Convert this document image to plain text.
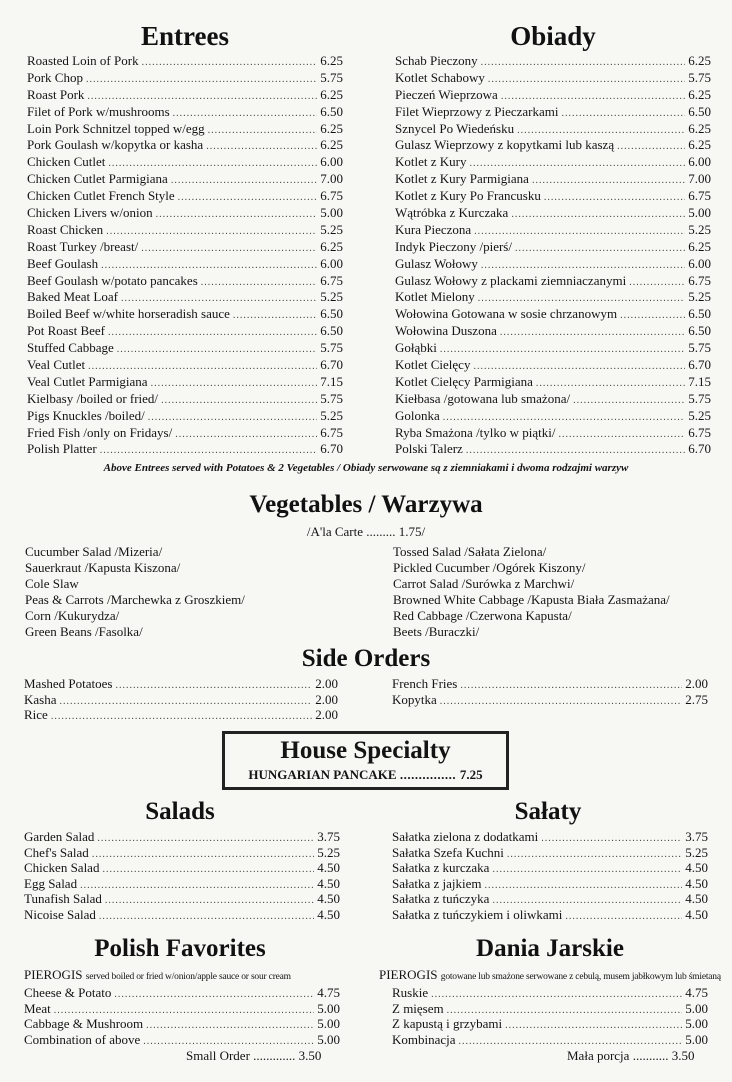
Entrees
Roasted Loin of Pork .....	6.25
Pork Chop .....	5.75
Roast Pork .....	6.25
Filet of Pork w/mushrooms .....	6.50
Loin Pork Schnitzel topped w/egg .....	6.25
Pork Goulash w/kopytka or kasha .....	6.25
Chicken Cutlet .....	6.00
Chicken Cutlet Parmigiana .....	7.00
Chicken Cutlet French Style .....	6.75
Chicken Livers w/onion .....	5.00
Roast Chicken .....	5.25
Roast Turkey /breast/ .....	6.25
Beef Goulash .....	6.00
Beef Goulash w/potato pancakes .....	6.75
Baked Meat Loaf .....	5.25
Boiled Beef w/white horseradish sauce .....	6.50
Pot Roast Beef .....	6.50
Stuffed Cabbage .....	5.75
Veal Cutlet .....	6.70
Veal Cutlet Parmigiana .....	7.15
Kielbasy /boiled or fried/ .....	5.75
Pigs Knuckles /boiled/ .....	5.25
Fried Fish /only on Fridays/ .....	6.75
Polish Platter .....	6.70
Obiady
Schab Pieczony .....	6.25
Kotlet Schabowy .....	5.75
Pieczeń Wieprzowa .....	6.25
Filet Wieprzowy z Pieczarkami .....	6.50
Sznycel Po Wiedeńsku .....	6.25
Gulasz Wieprzowy z kopytkami lub kaszą .....	6.25
Kotlet z Kury .....	6.00
Kotlet z Kury Parmigiana .....	7.00
Kotlet z Kury Po Francusku .....	6.75
Wątróbka z Kurczaka .....	5.00
Kura Pieczona .....	5.25
Indyk Pieczony /pierś/ .....	6.25
Gulasz Wołowy .....	6.00
Gulasz Wołowy z plackami ziemniaczanymi .....	6.75
Kotlet Mielony .....	5.25
Wołowina Gotowana w sosie chrzanowym .....	6.50
Wołowina Duszona .....	6.50
Gołąbki .....	5.75
Kotlet Cielęcy .....	6.70
Kotlet Cielęcy Parmigiana .....	7.15
Kiełbasa /gotowana lub smażona/ .....	5.75
Golonka .....	5.25
Ryba Smażona /tylko w piątki/ .....	6.75
Polski Talerz .....	6.70
Above Entrees served with Potatoes & 2 Vegetables / Obiady serwowane są z ziemniakami i dwoma rodzajmi warzyw
Vegetables / Warzywa
/A'la Carte ......... 1.75/
Cucumber Salad /Mizeria/
Sauerkraut /Kapusta Kiszona/
Cole Slaw
Peas & Carrots /Marchewka z Groszkiem/
Corn /Kukurydza/
Green Beans /Fasolka/
Tossed Salad /Sałata Zielona/
Pickled Cucumber /Ogórek Kiszony/
Carrot Salad /Surówka z Marchwi/
Browned White Cabbage /Kapusta Biała Zasmażana/
Red Cabbage /Czerwona Kapusta/
Beets /Buraczki/
Side Orders
Mashed Potatoes .....	2.00
Kasha .....	2.00
Rice .....	2.00
French Fries .....	2.00
Kopytka .....	2.75
House Specialty
HUNGARIAN PANCAKE ............... 7.25
Salads
Garden Salad .....	3.75
Chef's Salad .....	5.25
Chicken Salad .....	4.50
Egg Salad .....	4.50
Tunafish Salad .....	4.50
Nicoise Salad .....	4.50
Sałaty
Sałatka zielona z dodatkami .....	3.75
Sałatka Szefa Kuchni .....	5.25
Sałatka z kurczaka .....	4.50
Sałatka z jajkiem .....	4.50
Sałatka z tuńczyka .....	4.50
Sałatka z tuńczykiem i oliwkami .....	4.50
Polish Favorites
PIEROGIS served boiled or fried w/onion/apple sauce or sour cream
Cheese & Potato .....	4.75
Meat .....	5.00
Cabbage & Mushroom .....	5.00
Combination of above .....	5.00
Small Order ............. 3.50
Dania Jarskie
PIEROGIS gotowane lub smażone serwowane z cebulą, musem jabłkowym lub śmietaną
Ruskie .....	4.75
Z mięsem .....	5.00
Z kapustą i grzybami .....	5.00
Kombinacja .....	5.00
Mała porcja ........... 3.50
